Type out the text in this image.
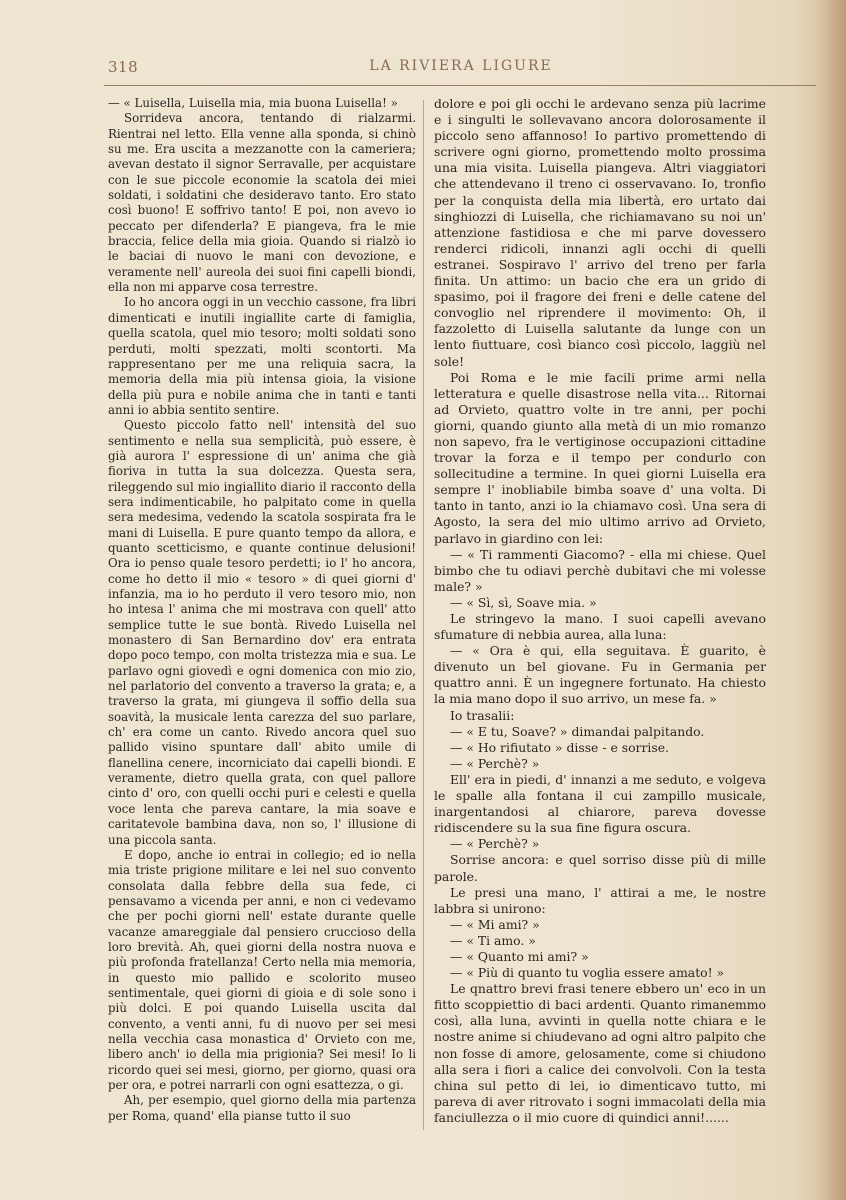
318	LA RIVIERA LIGURE

— « Luisella, Luisella mia, mia buona Luisella! »

Sorrideva ancora, tentando di rialzarmi. Rientrai nel letto. Ella venne alla sponda, si chinò su me. Era uscita a mezzanotte con la cameriera; avevan destato il signor Serravalle, per acquistare con le sue piccole economie la scatola dei miei soldati, i soldatini che desideravo tanto. Ero stato così buono! E soffrivo tanto! E poi, non avevo io peccato per difenderla? E piangeva, fra le mie braccia, felice della mia gioia. Quando si rialzò io le baciai di nuovo le mani con devozione, e veramente nell' aureola dei suoi fini capelli biondi, ella non mi apparve cosa terrestre.

Io ho ancora oggi in un vecchio cassone, fra libri dimenticati e inutili ingiallite carte di famiglia, quella scatola, quel mio tesoro; molti soldati sono perduti, molti spezzati, molti scontorti. Ma rappresentano per me una reliquia sacra, la memoria della mia più intensa gioia, la visione della più pura e nobile anima che in tanti e tanti anni io abbia sentito sentire.

Questo piccolo fatto nell' intensità del suo sentimento e nella sua semplicità, può essere, è già aurora l' espressione di un' anima che già fioriva in tutta la sua dolcezza. Questa sera, rileggendo sul mio ingiallito diario il racconto della sera indimenticabile, ho palpitato come in quella sera medesima, vedendo la scatola sospirata fra le mani di Luisella. E pure quanto tempo da allora, e quanto scetticismo, e quante continue delusioni! Ora io penso quale tesoro perdetti; io l' ho ancora, come ho detto il mio « tesoro » di quei giorni d' infanzia, ma io ho perduto il vero tesoro mio, non ho intesa l' anima che mi mostrava con quell' atto semplice tutte le sue bontà. Rivedo Luisella nel monastero di San Bernardino dov' era entrata dopo poco tempo, con molta tristezza mia e sua. Le parlavo ogni giovedì e ogni domenica con mio zio, nel parlatorio del convento a traverso la grata; e, a traverso la grata, mi giungeva il soffio della sua soavità, la musicale lenta carezza del suo parlare, ch' era come un canto. Rivedo ancora quel suo pallido visino spuntare dall' abito umile di flanellina cenere, incorniciato dai capelli biondi. E veramente, dietro quella grata, con quel pallore cinto d' oro, con quelli occhi puri e celesti e quella voce lenta che pareva cantare, la mia soave e caritatevole bambina dava, non so, l' illusione di una piccola santa.

E dopo, anche io entrai in collegio; ed io nella mia triste prigione militare e lei nel suo convento consolata dalla febbre della sua fede, ci pensavamo a vicenda per anni, e non ci vedevamo che per pochi giorni nell' estate durante quelle vacanze amareggiale dal pensiero cruccioso della loro brevità. Ah, quei giorni della nostra nuova e più profonda fratellanza! Certo nella mia memoria, in questo mio pallido e scolorito museo sentimentale, quei giorni di gioia e di sole sono i più dolci. E poi quando Luisella uscita dal convento, a venti anni, fu di nuovo per sei mesi nella vecchia casa monastica d' Orvieto con me, libero anch' io della mia prigionia? Sei mesi! Io li ricordo quei sei mesi, giorno, per giorno, quasi ora per ora, e potrei narrarli con ogni esattezza, o gi.

Ah, per esempio, quel giorno della mia partenza per Roma, quand' ella pianse tutto il suo

dolore e poi gli occhi le ardevano senza più lacrime e i singulti le sollevavano ancora dolorosamente il piccolo seno affannoso! Io partivo promettendo di scrivere ogni giorno, promettendo molto prossima una mia visita. Luisella piangeva. Altri viaggiatori che attendevano il treno ci osservavano. Io, tronfio per la conquista della mia libertà, ero urtato dai singhiozzi di Luisella, che richiamavano su noi un' attenzione fastidiosa e che mi parve dovessero renderci ridicoli, innanzi agli occhi di quelli estranei. Sospiravo l' arrivo del treno per farla finita. Un attimo: un bacio che era un grido di spasimo, poi il fragore dei freni e delle catene del convoglio nel riprendere il movimento: Oh, il fazzoletto di Luisella salutante da lunge con un lento fiuttuare, così bianco così piccolo, laggiù nel sole!

Poi Roma e le mie facili prime armi nella letteratura e quelle disastrose nella vita... Ritornai ad Orvieto, quattro volte in tre anni, per pochi giorni, quando giunto alla metà di un mio romanzo non sapevo, fra le vertiginose occupazioni cittadine trovar la forza e il tempo per condurlo con sollecitudine a termine. In quei giorni Luisella era sempre l' inobliabile bimba soave d' una volta. Di tanto in tanto, anzi io la chiamavo così. Una sera di Agosto, la sera del mio ultimo arrivo ad Orvieto, parlavo in giardino con lei:

— « Ti rammenti Giacomo? - ella mi chiese. Quel bimbo che tu odiavi perchè dubitavi che mi volesse male? »

— « Sì, sì, Soave mia. »

Le stringevo la mano. I suoi capelli avevano sfumature di nebbia aurea, alla luna:

— « Ora è qui, ella seguitava. È guarito, è divenuto un bel giovane. Fu in Germania per quattro anni. È un ingegnere fortunato. Ha chiesto la mia mano dopo il suo arrivo, un mese fa. »

Io trasalii:

— « E tu, Soave? » dimandai palpitando.

— « Ho rifiutato » disse - e sorrise.

— « Perchè? »

Ell' era in piedi, d' innanzi a me seduto, e volgeva le spalle alla fontana il cui zampillo musicale, inargentandosi al chiarore, pareva dovesse ridiscendere su la sua fine figura oscura.

— « Perchè? »

Sorrise ancora: e quel sorriso disse più di mille parole.

Le presi una mano, l' attirai a me, le nostre labbra si unirono:

— « Mi ami? »

— « Ti amo. »

— « Quanto mi ami? »

— « Più di quanto tu voglia essere amato! »

Le qnattro brevi frasi tenere ebbero un' eco in un fitto scoppiettio di baci ardenti. Quanto rimanemmo così, alla luna, avvinti in quella notte chiara e le nostre anime si chiudevano ad ogni altro palpito che non fosse di amore, gelosamente, come si chiudono alla sera i fiori a calice dei convolvoli. Con la testa china sul petto di lei, io dimenticavo tutto, mi pareva di aver ritrovato i sogni immacolati della mia fanciullezza o il mio cuore di quindici anni!......
